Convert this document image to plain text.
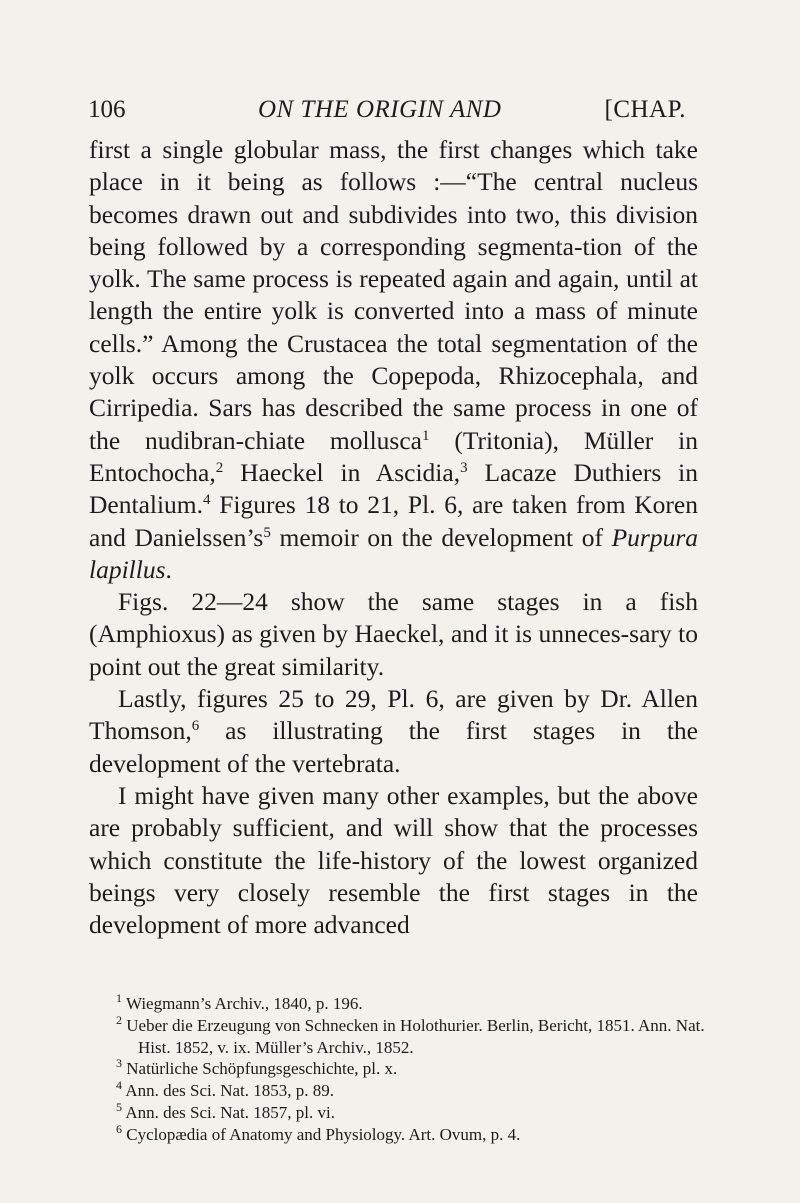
106	ON THE ORIGIN AND	[CHAP.

first a single globular mass, the first changes which take place in it being as follows :—“The central nucleus becomes drawn out and subdivides into two, this division being followed by a corresponding segmenta-tion of the yolk. The same process is repeated again and again, until at length the entire yolk is converted into a mass of minute cells.” Among the Crustacea the total segmentation of the yolk occurs among the Copepoda, Rhizocephala, and Cirripedia. Sars has described the same process in one of the nudibran-chiate mollusca$^1$ (Tritonia), Müller in Entochocha,$^2$ Haeckel in Ascidia,$^3$ Lacaze Duthiers in Dentalium.$^4$ Figures 18 to 21, Pl. 6, are taken from Koren and $Danielssen’s^5$ memoir on the development of Purpura lapillus.

Figs. 22—24 show the same stages in a fish (Amphioxus) as given by Haeckel, and it is unneces-sary to point out the great similarity.

Lastly, figures 25 to 29, Pl. 6, are given by Dr. Allen Thomson,$^6$ as illustrating the first stages in the development of the vertebrata.

I might have given many other examples, but the above are probably sufficient, and will show that the processes which constitute the life-history of the lowest organized beings very closely resemble the first stages in the development of more advanced

$^1$ Wiegmann’s Archiv., 1840, p. 196.

$^2$ Ueber die Erzeugung von Schnecken in Holothurier. Berlin, Bericht, 1851. Ann. Nat. Hist. 1852, v. ix. Müller’s Archiv., 1852.

$^3$ Natürliche Schöpfungsgeschichte, pl. x.

$^4$ Ann. des Sci. Nat. 1853, p. 89.

$^5$ Ann. des Sci. Nat. 1857, pl. vi.

$^6$ Cyclopædia of Anatomy and Physiology. Art. Ovum, p. 4.
